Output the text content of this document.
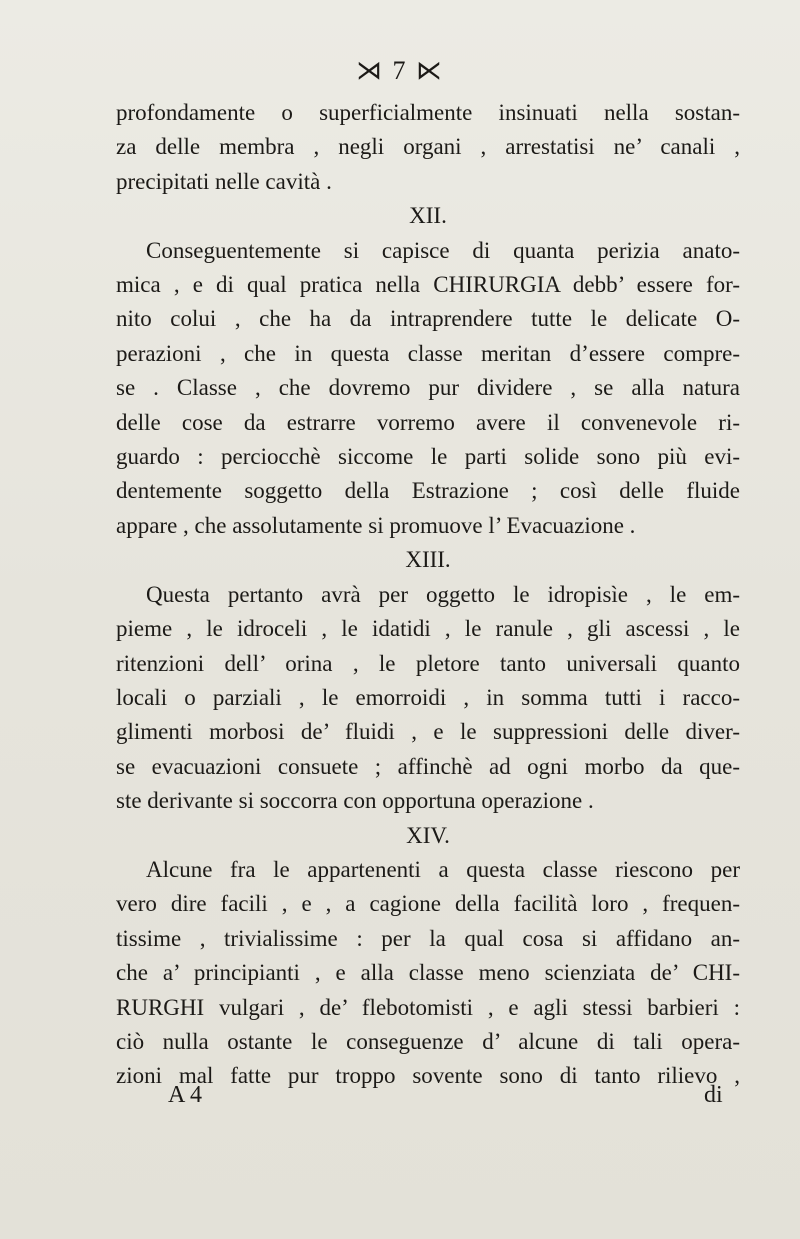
⋊ 7 ⋉
profondamente o superficialmente insinuati nella sostan-
za delle membra , negli organi , arrestatisi ne’ canali ,
precipitati nelle cavità .
XII.
Conseguentemente si capisce di quanta perizia anato-
mica , e di qual pratica nella CHIRURGIA debb’ essere for-
nito colui , che ha da intraprendere tutte le delicate O-
perazioni , che in questa classe meritan d’essere compre-
se . Classe , che dovremo pur dividere , se alla natura
delle cose da estrarre vorremo avere il convenevole ri-
guardo : perciocchè siccome le parti solide sono più evi-
dentemente soggetto della Estrazione ; così delle fluide
appare , che assolutamente si promuove l’ Evacuazione .
XIII.
Questa pertanto avrà per oggetto le idropisìe , le em-
pieme , le idroceli , le idatidi , le ranule , gli ascessi , le
ritenzioni dell’ orina , le pletore tanto universali quanto
locali o parziali , le emorroidi , in somma tutti i racco-
glimenti morbosi de’ fluidi , e le suppressioni delle diver-
se evacuazioni consuete ; affinchè ad ogni morbo da que-
ste derivante si soccorra con opportuna operazione .
XIV.
Alcune fra le appartenenti a questa classe riescono per
vero dire facili , e , a cagione della facilità loro , frequen-
tissime , trivialissime : per la qual cosa si affidano an-
che a’ principianti , e alla classe meno scienziata de’ CHI-
RURGHI vulgari , de’ flebotomisti , e agli stessi barbieri :
ciò nulla ostante le conseguenze d’ alcune di tali opera-
zioni mal fatte pur troppo sovente sono di tanto rilievo ,
A 4	di
